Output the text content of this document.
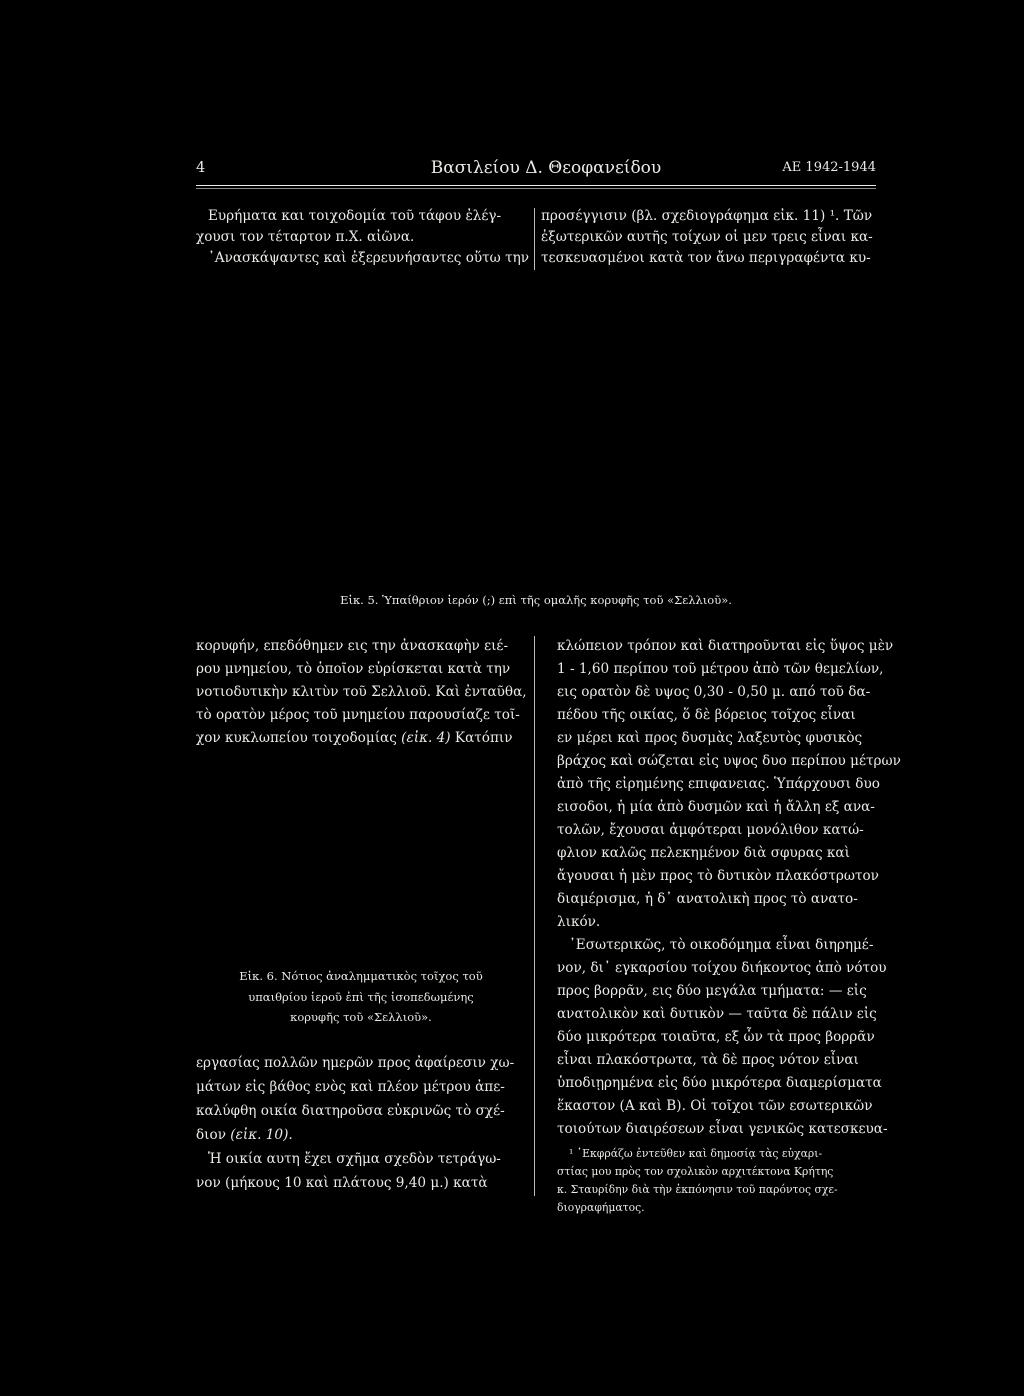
4	Βασιλείου Δ. Θεοφανείδου	ΑΕ 1942-1944
Ευρήματα και τοιχοδομία τοῦ τάφου ἐλέγ-
χουσι τον τέταρτον π.Χ. αἰῶνα.
᾿Ανασκάψαντες καὶ ἐξερευνήσαντες οὕτω την
προσέγγισιν (βλ. σχεδιογράφημα εἰκ. 11) ¹. Τῶν
ἐξωτερικῶν αυτῆς τοίχων οἱ μεν τρεις εἶναι κα-
τεσκευασμένοι κατὰ τον ἄνω περιγραφέντα κυ-
Εἰκ. 5. Ὑπαίθριον ἱερόν (;) επὶ τῆς ομαλῆς κορυφῆς τοῦ «Σελλιοῦ».
κορυφήν, επεδόθημεν εις την ἀνασκαφὴν ειέ-
ρου μνημείου, τὸ ὁποῖον εὑρίσκεται κατὰ την
νοτιοδυτικὴν κλιτὺν τοῦ Σελλιοῦ. Καὶ ἐνταῦθα,
τὸ ορατὸν μέρος τοῦ μνημείου παρουσίαζε τοῖ-
χον κυκλωπείου τοιχοδομίας (εἰκ. 4) Κατόπιν
Εἰκ. 6. Νότιος ἀναλημματικὸς τοῖχος τοῦ
υπαιθρίου ἱεροῦ ἐπὶ τῆς ἰσοπεδωμένης
κορυφῆς τοῦ «Σελλιοῦ».
εργασίας πολλῶν ημερῶν προς ἀφαίρεσιν χω-
μάτων εἰς βάθος ενὸς καὶ πλέον μέτρου ἀπε-
καλύφθη οικία διατηροῦσα εὐκρινῶς τὸ σχέ-
διον (εἰκ. 10).
Ἡ οικία αυτη ἔχει σχῆμα σχεδὸν τετράγω-
νον (μήκους 10 καὶ πλάτους 9,40 μ.) κατὰ
κλώπειον τρόπον καὶ διατηροῦνται εἰς ὕψος μὲν
1 - 1,60 περίπου τοῦ μέτρου ἀπὸ τῶν θεμελίων,
εις ορατὸν δὲ υψος 0,30 - 0,50 μ. από τοῦ δα-
πέδου τῆς οικίας, ὅ δὲ βόρειος τοῖχος εἶναι
εν μέρει καὶ προς δυσμὰς λαξευτὸς φυσικὸς
βράχος καὶ σώζεται εἰς υψος δυο περίπου μέτρων
ἀπὸ τῆς εἰρημένης επιφανειας. Ὑπάρχουσι δυο
εισοδοι, ἡ μία ἀπὸ δυσμῶν καὶ ἡ ἄλλη εξ ανα-
τολῶν, ἔχουσαι ἀμφότεραι μονόλιθον κατώ-
φλιον καλῶς πελεκημένον διὰ σφυρας καὶ
ἄγουσαι ἡ μὲν προς τὸ δυτικὸν πλακόστρωτον
διαμέρισμα, ἡ δ᾿ ανατολικὴ προς τὸ ανατο-
λικόν.
᾿Εσωτερικῶς, τὸ οικοδόμημα εἶναι διηρημέ-
νον, δι᾿ εγκαρσίου τοίχου διήκοντος ἀπὸ νότου
προς βορρᾶν, εις δύο μεγάλα τμήματα: — εἰς
ανατολικὸν καὶ δυτικὸν — ταῦτα δὲ πάλιν εἰς
δύο μικρότερα τοιαῦτα, εξ ὧν τὰ προς βορρᾶν
εἶναι πλακόστρωτα, τὰ δὲ προς νότον εἶναι
ὑποδιῃρημένα εἰς δύο μικρότερα διαμερίσματα
ἕκαστον (Α καὶ Β). Οἱ τοῖχοι τῶν εσωτερικῶν
τοιούτων διαιρέσεων εἶναι γενικῶς κατεσκευα-
¹ ᾿Εκφράζω ἐντεῦθεν καὶ δημοσίᾳ τὰς εὐχαρι-
στίας μου πρὸς τον σχολικὸν αρχιτέκτονα Κρήτης
κ. Σταυρίδην διὰ τὴν ἐκπόνησιν τοῦ παρόντος σχε-
διογραφήματος.
